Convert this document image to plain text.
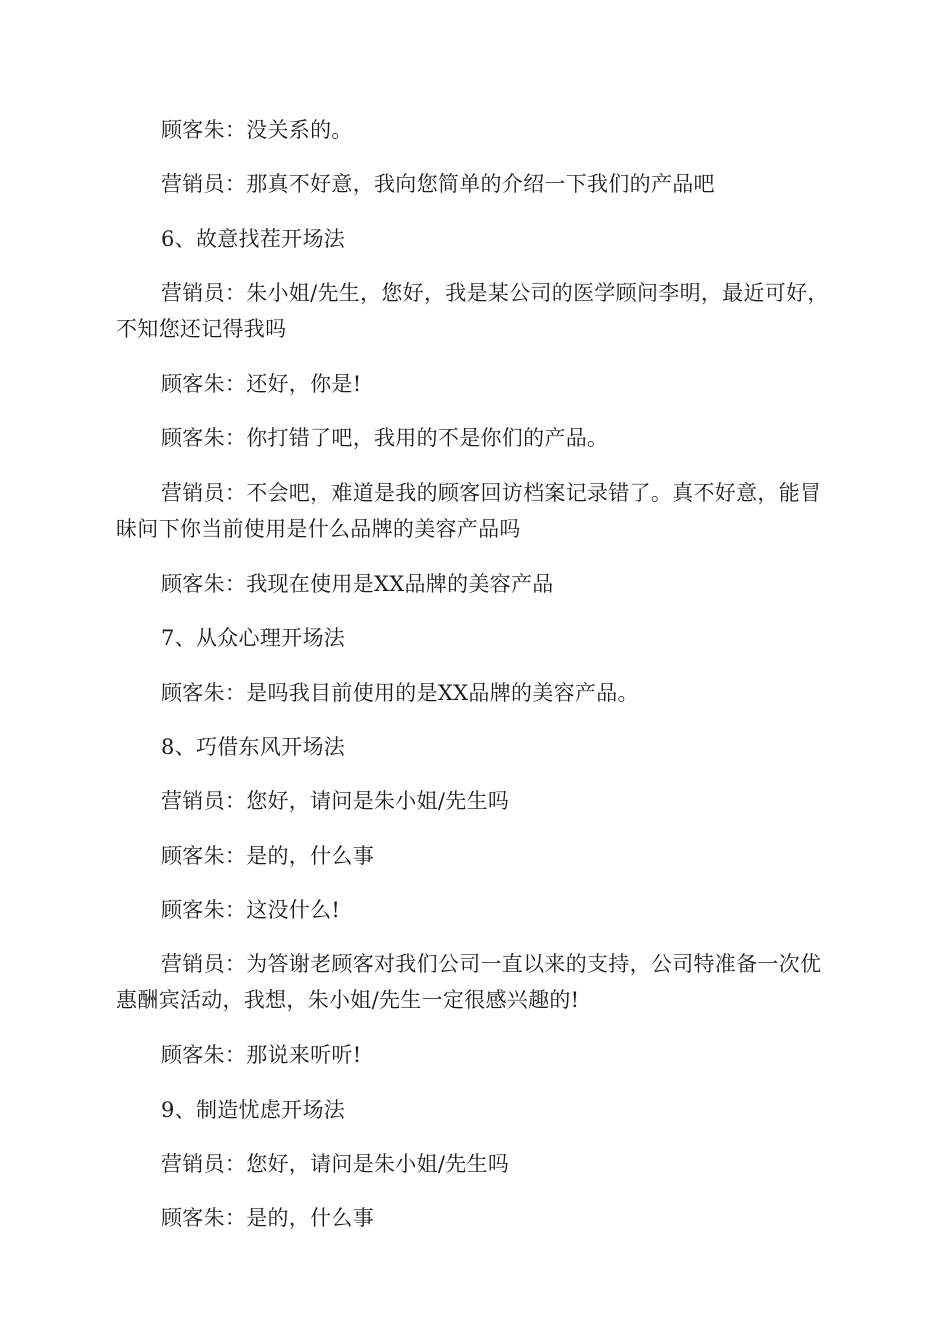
顾客朱：没关系的。

营销员：那真不好意，我向您简单的介绍一下我们的产品吧

6、故意找茬开场法

营销员：朱小姐/先生，您好，我是某公司的医学顾问李明，最近可好，不知您还记得我吗

顾客朱：还好，你是!

顾客朱：你打错了吧，我用的不是你们的产品。

营销员：不会吧，难道是我的顾客回访档案记录错了。真不好意，能冒昧问下你当前使用是什么品牌的美容产品吗

顾客朱：我现在使用是XX品牌的美容产品

7、从众心理开场法

顾客朱：是吗我目前使用的是XX品牌的美容产品。

8、巧借东风开场法

营销员：您好，请问是朱小姐/先生吗

顾客朱：是的，什么事

顾客朱：这没什么!

营销员：为答谢老顾客对我们公司一直以来的支持，公司特准备一次优惠酬宾活动，我想，朱小姐/先生一定很感兴趣的!

顾客朱：那说来听听!

9、制造忧虑开场法

营销员：您好，请问是朱小姐/先生吗

顾客朱：是的，什么事
